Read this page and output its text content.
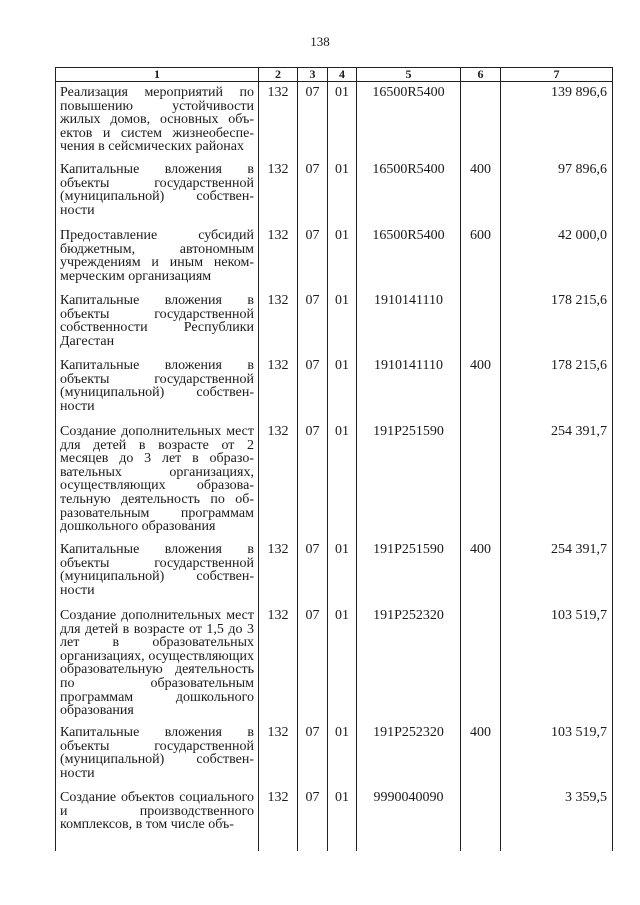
138
1	2	3	4	5	6	7
Реализация мероприятий по повышению устойчивости жилых домов, основных объектов и систем жизнеобеспечения в сейсмических районах	132	07	01	16500R5400		139 896,6
Капитальные вложения в объекты государственной (муниципальной) собственности	132	07	01	16500R5400	400	97 896,6
Предоставление субсидий бюджетным, автономным учреждениям и иным некоммерческим организациям	132	07	01	16500R5400	600	42 000,0
Капитальные вложения в объекты государственной собственности Республики Дагестан	132	07	01	1910141110		178 215,6
Капитальные вложения в объекты государственной (муниципальной) собственности	132	07	01	1910141110	400	178 215,6
Создание дополнительных мест для детей в возрасте от 2 месяцев до 3 лет в образовательных организациях, осуществляющих образовательную деятельность по образовательным программам дошкольного образования	132	07	01	191P251590		254 391,7
Капитальные вложения в объекты государственной (муниципальной) собственности	132	07	01	191P251590	400	254 391,7
Создание дополнительных мест для детей в возрасте от 1,5 до 3 лет в образовательных организациях, осуществляющих образовательную деятельность по образовательным программам дошкольного образования	132	07	01	191P252320		103 519,7
Капитальные вложения в объекты государственной (муниципальной) собственности	132	07	01	191P252320	400	103 519,7
Создание объектов социального и производственного комплексов, в том числе объ-	132	07	01	9990040090		3 359,5
